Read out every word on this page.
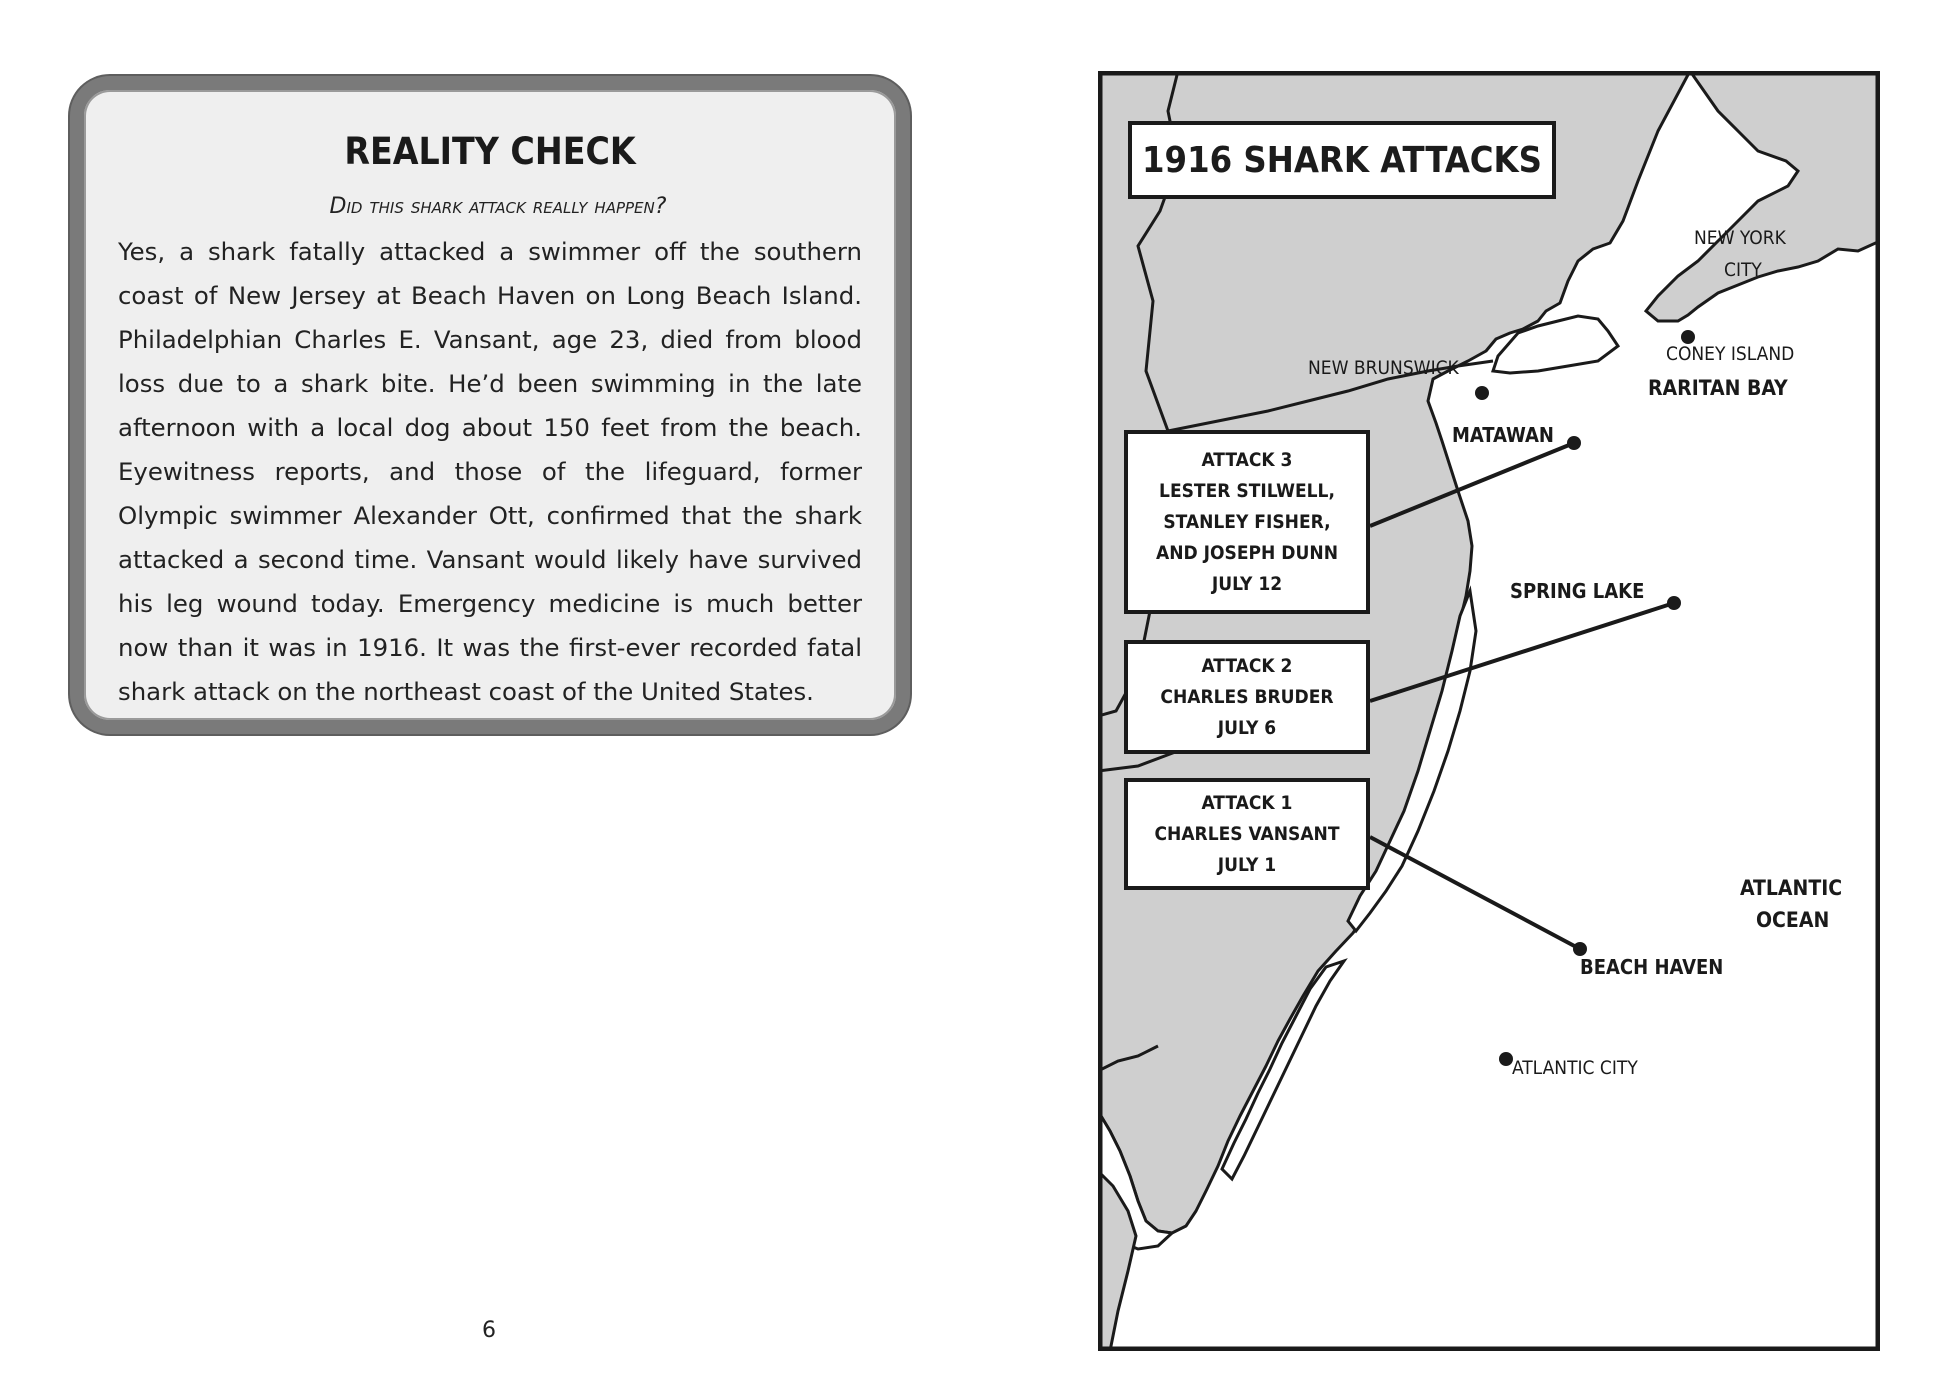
REALITY CHECK
Did this shark attack really happen?
Yes, a shark fatally attacked a swimmer off the southern coast of New Jersey at Beach Haven on Long Beach Island. Philadelphian Charles E. Vansant, age 23, died from blood loss due to a shark bite. He’d been swimming in the late afternoon with a local dog about 150 feet from the beach. Eyewitness reports, and those of the lifeguard, former Olympic swimmer Alexander Ott, confirmed that the shark attacked a second time. Vansant would likely have survived his leg wound today. Emergency medicine is much better now than it was in 1916. It was the first-ever recorded fatal shark attack on the northeast coast of the United States.
6
1916 SHARK ATTACKS
NEW YORK
CITY
CONEY ISLAND
RARITAN BAY
NEW BRUNSWICK
MATAWAN
SPRING LAKE
BEACH HAVEN
ATLANTIC CITY
ATLANTIC
OCEAN
ATTACK 3
LESTER STILWELL,
STANLEY FISHER,
AND JOSEPH DUNN
JULY 12
ATTACK 2
CHARLES BRUDER
JULY 6
ATTACK 1
CHARLES VANSANT
JULY 1
